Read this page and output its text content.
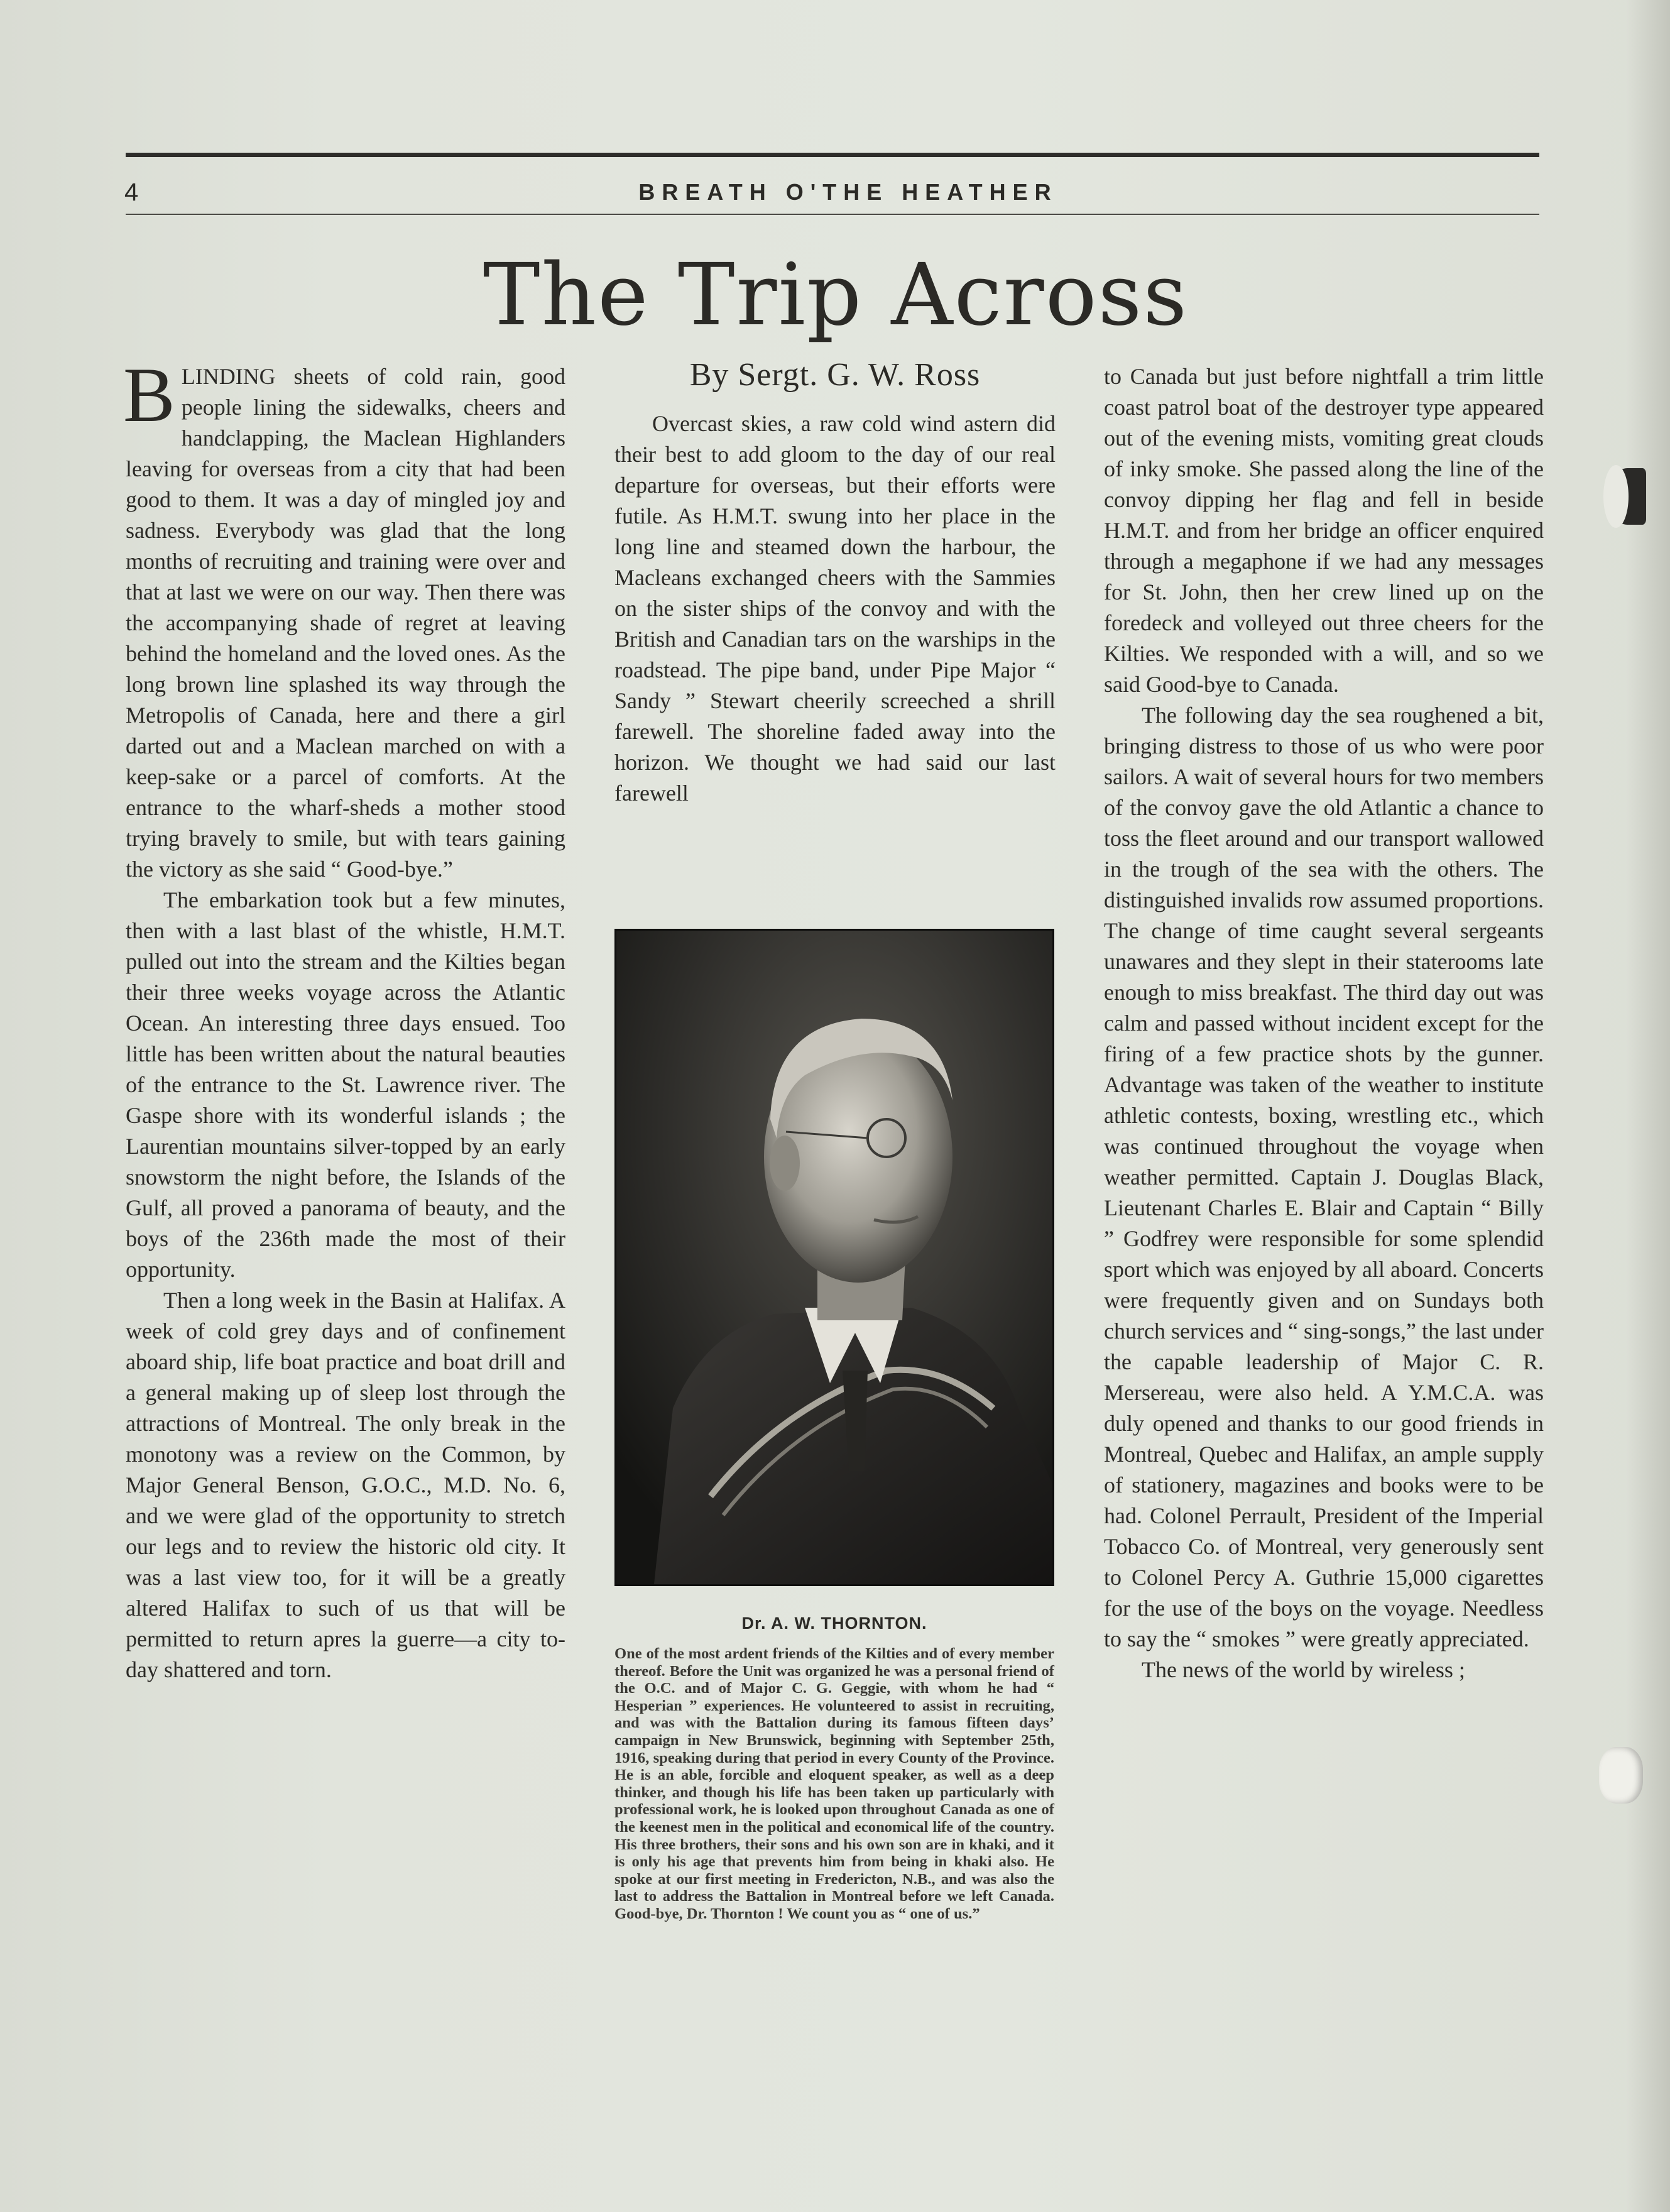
4	BREATH O'THE HEATHER
The Trip Across

BLINDING sheets of cold rain, good people lining the sidewalks, cheers and handclapping, the Maclean Highlanders leaving for overseas from a city that had been good to them. It was a day of mingled joy and sadness. Everybody was glad that the long months of recruiting and training were over and that at last we were on our way. Then there was the accompanying shade of regret at leaving behind the homeland and the loved ones. As the long brown line splashed its way through the Metropolis of Canada, here and there a girl darted out and a Maclean marched on with a keep-sake or a parcel of comforts. At the entrance to the wharf-sheds a mother stood trying bravely to smile, but with tears gaining the victory as she said “ Good-bye.”

The embarkation took but a few minutes, then with a last blast of the whistle, H.M.T. pulled out into the stream and the Kilties began their three weeks voyage across the Atlantic Ocean. An interesting three days ensued. Too little has been written about the natural beauties of the entrance to the St. Lawrence river. The Gaspe shore with its wonderful islands ; the Laurentian mountains silver-topped by an early snowstorm the night before, the Islands of the Gulf, all proved a panorama of beauty, and the boys of the 236th made the most of their opportunity.

Then a long week in the Basin at Halifax. A week of cold grey days and of confinement aboard ship, life boat practice and boat drill and a general making up of sleep lost through the attractions of Montreal. The only break in the monotony was a review on the Common, by Major General Benson, G.O.C., M.D. No. 6, and we were glad of the opportunity to stretch our legs and to review the historic old city. It was a last view too, for it will be a greatly altered Halifax to such of us that will be permitted to return apres la guerre—a city to-day shattered and torn.

By Sergt. G. W. Ross

Overcast skies, a raw cold wind astern did their best to add gloom to the day of our real departure for overseas, but their efforts were futile. As H.M.T. swung into her place in the long line and steamed down the harbour, the Macleans exchanged cheers with the Sammies on the sister ships of the convoy and with the British and Canadian tars on the warships in the roadstead. The pipe band, under Pipe Major “ Sandy ” Stewart cheerily screeched a shrill farewell. The shoreline faded away into the horizon. We thought we had said our last farewell

Dr. A. W. THORNTON.
One of the most ardent friends of the Kilties and of every member thereof. Before the Unit was organized he was a personal friend of the O.C. and of Major C. G. Geggie, with whom he had “ Hesperian ” experiences. He volunteered to assist in recruiting, and was with the Battalion during its famous fifteen days’ campaign in New Brunswick, beginning with September 25th, 1916, speaking during that period in every County of the Province. He is an able, forcible and eloquent speaker, as well as a deep thinker, and though his life has been taken up particularly with professional work, he is looked upon throughout Canada as one of the keenest men in the political and economical life of the country. His three brothers, their sons and his own son are in khaki, and it is only his age that prevents him from being in khaki also. He spoke at our first meeting in Fredericton, N.B., and was also the last to address the Battalion in Montreal before we left Canada. Good-bye, Dr. Thornton ! We count you as “ one of us.”

to Canada but just before nightfall a trim little coast patrol boat of the destroyer type appeared out of the evening mists, vomiting great clouds of inky smoke. She passed along the line of the convoy dipping her flag and fell in beside H.M.T. and from her bridge an officer enquired through a megaphone if we had any messages for St. John, then her crew lined up on the foredeck and volleyed out three cheers for the Kilties. We responded with a will, and so we said Good-bye to Canada.

The following day the sea roughened a bit, bringing distress to those of us who were poor sailors. A wait of several hours for two members of the convoy gave the old Atlantic a chance to toss the fleet around and our transport wallowed in the trough of the sea with the others. The distinguished invalids row assumed proportions. The change of time caught several sergeants unawares and they slept in their staterooms late enough to miss breakfast. The third day out was calm and passed without incident except for the firing of a few practice shots by the gunner. Advantage was taken of the weather to institute athletic contests, boxing, wrestling etc., which was continued throughout the voyage when weather permitted. Captain J. Douglas Black, Lieutenant Charles E. Blair and Captain “ Billy ” Godfrey were responsible for some splendid sport which was enjoyed by all aboard. Concerts were frequently given and on Sundays both church services and “ sing-songs,” the last under the capable leadership of Major C. R. Mersereau, were also held. A Y.M.C.A. was duly opened and thanks to our good friends in Montreal, Quebec and Halifax, an ample supply of stationery, magazines and books were to be had. Colonel Perrault, President of the Imperial Tobacco Co. of Montreal, very generously sent to Colonel Percy A. Guthrie 15,000 cigarettes for the use of the boys on the voyage. Needless to say the “ smokes ” were greatly appreciated.

The news of the world by wireless ;
